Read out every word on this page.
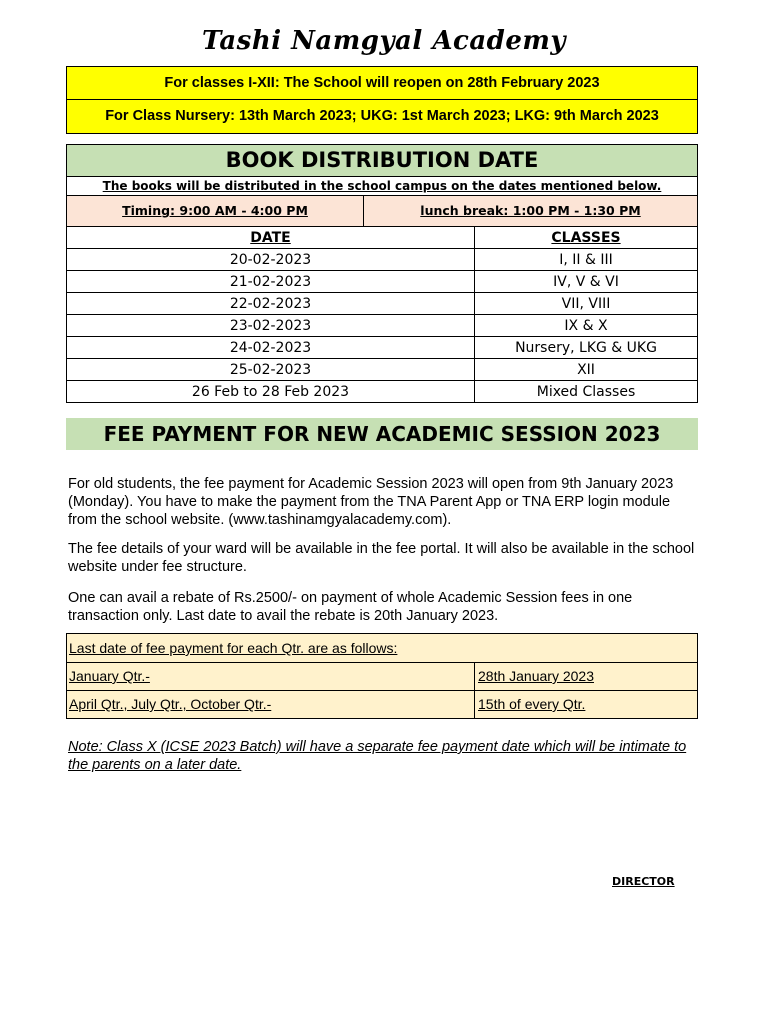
Tashi Namgyal Academy
For classes I-XII: The School will reopen on 28th February 2023
For Class Nursery: 13th March 2023; UKG: 1st March 2023; LKG: 9th March 2023
BOOK DISTRIBUTION DATE
The books will be distributed in the school campus on the dates mentioned below.
Timing: 9:00 AM - 4:00 PM	lunch break: 1:00 PM - 1:30 PM
DATE	CLASSES
20-02-2023	I, II & III
21-02-2023	IV, V & VI
22-02-2023	VII, VIII
23-02-2023	IX & X
24-02-2023	Nursery, LKG & UKG
25-02-2023	XII
26 Feb to 28 Feb 2023	Mixed Classes
FEE PAYMENT FOR NEW ACADEMIC SESSION 2023
For old students, the fee payment for Academic Session 2023 will open from 9th January 2023 (Monday). You have to make the payment from the TNA Parent App or TNA ERP login module from the school website. (www.tashinamgyalacademy.com).
The fee details of your ward will be available in the fee portal. It will also be available in the school website under fee structure.
One can avail a rebate of Rs.2500/- on payment of whole Academic Session fees in one transaction only. Last date to avail the rebate is 20th January 2023.
Last date of fee payment for each Qtr. are as follows:
January Qtr.-	28th January 2023
April Qtr., July Qtr., October Qtr.-	15th of every Qtr.
Note: Class X (ICSE 2023 Batch) will have a separate fee payment date which will be intimate to the parents on a later date.
DIRECTOR
